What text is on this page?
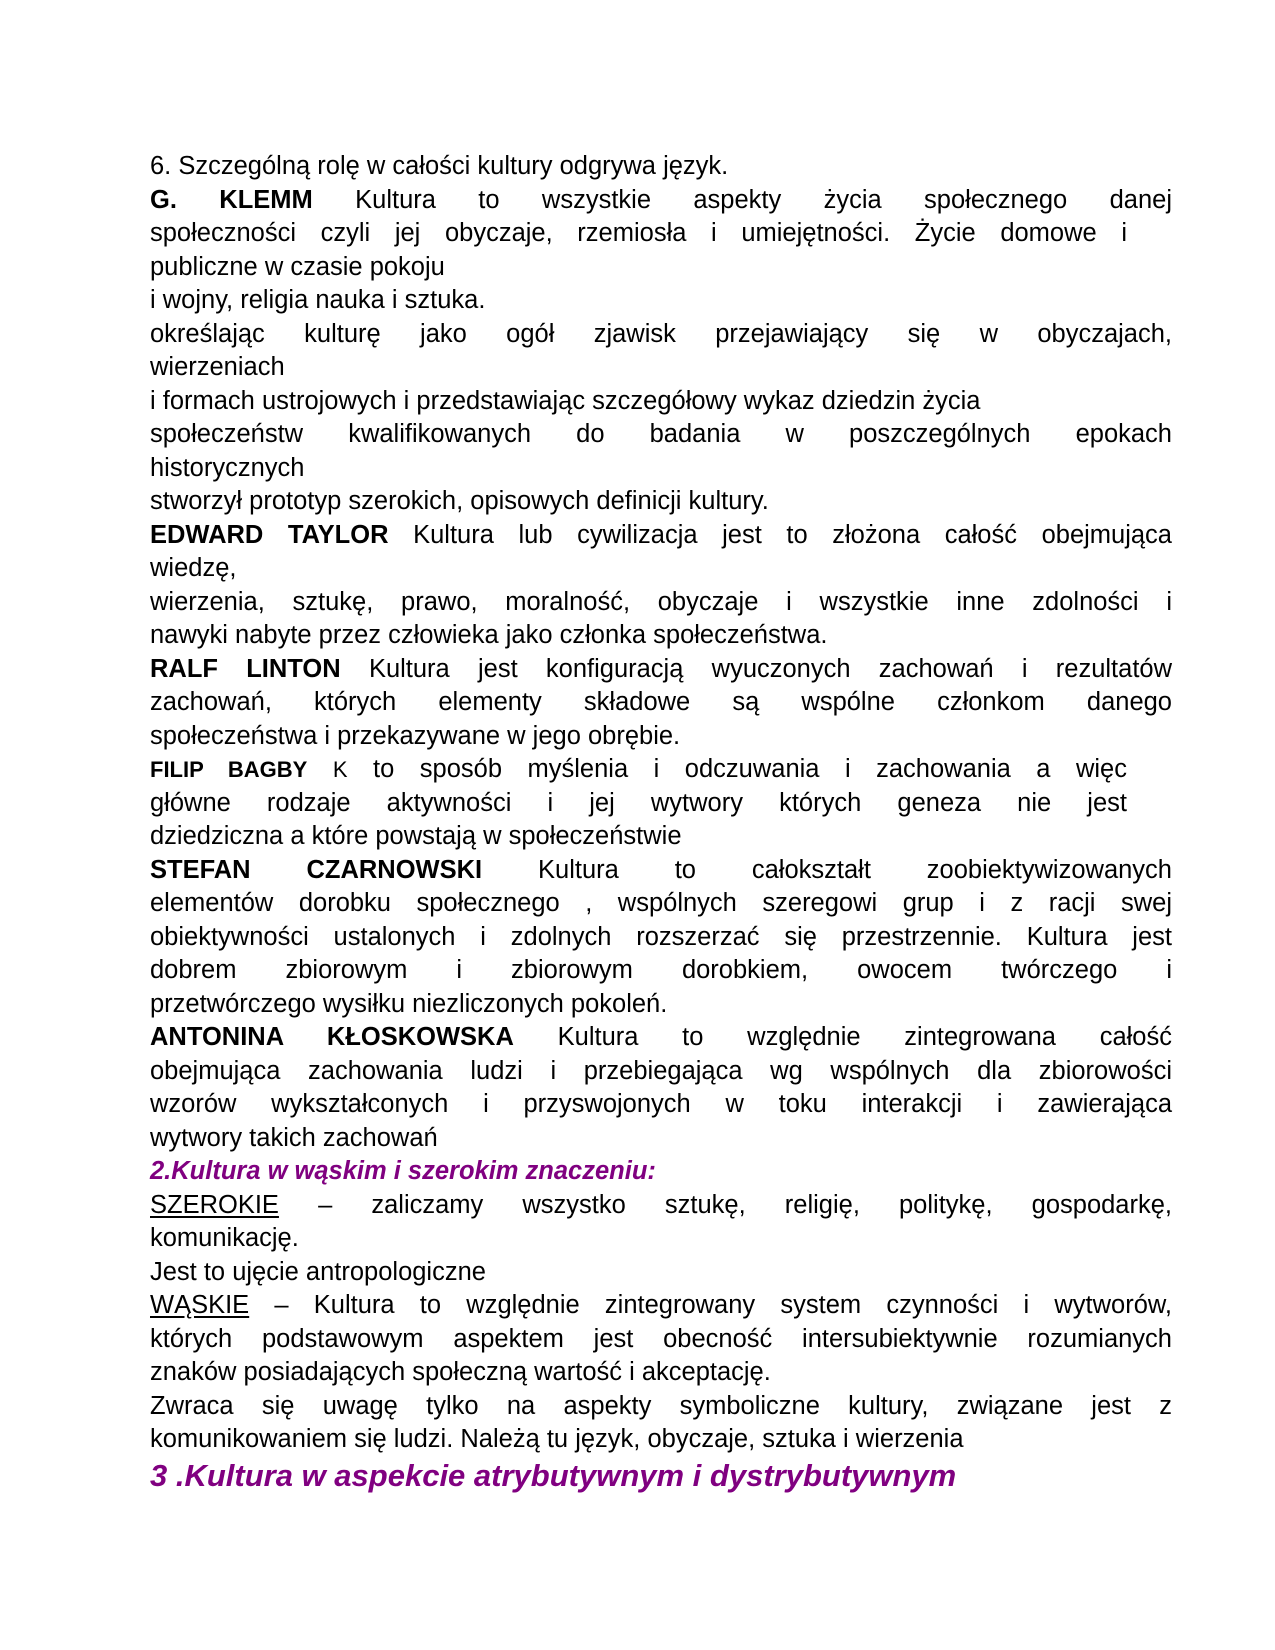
6. Szczególną rolę w całości kultury odgrywa język.
G. KLEMM Kultura to wszystkie aspekty życia społecznego danej
społeczności czyli jej obyczaje, rzemiosła i umiejętności. Życie domowe i
publiczne w czasie pokoju
i wojny, religia nauka i sztuka.
określając kulturę jako ogół zjawisk przejawiający się w obyczajach,
wierzeniach
i formach ustrojowych i przedstawiając szczegółowy wykaz dziedzin życia
społeczeństw kwalifikowanych do badania w poszczególnych epokach
historycznych
stworzył prototyp szerokich, opisowych definicji kultury.
EDWARD TAYLOR Kultura lub cywilizacja jest to złożona całość obejmująca
wiedzę,
wierzenia, sztukę, prawo, moralność, obyczaje i wszystkie inne zdolności i
nawyki nabyte przez człowieka jako członka społeczeństwa.
RALF LINTON Kultura jest konfiguracją wyuczonych zachowań i rezultatów
zachowań, których elementy składowe są wspólne członkom danego
społeczeństwa i przekazywane w jego obrębie.
FILIP BAGBY K to sposób myślenia i odczuwania i zachowania a więc
główne rodzaje aktywności i jej wytwory których geneza nie jest
dziedziczna a które powstają w społeczeństwie
STEFAN CZARNOWSKI Kultura to całokształt zoobiektywizowanych
elementów dorobku społecznego , wspólnych szeregowi grup i z racji swej
obiektywności ustalonych i zdolnych rozszerzać się przestrzennie. Kultura jest
dobrem zbiorowym i zbiorowym dorobkiem, owocem twórczego i
przetwórczego wysiłku niezliczonych pokoleń.
ANTONINA KŁOSKOWSKA Kultura to względnie zintegrowana całość
obejmująca zachowania ludzi i przebiegająca wg wspólnych dla zbiorowości
wzorów wykształconych i przyswojonych w toku interakcji i zawierająca
wytwory takich zachowań
2.Kultura w wąskim i szerokim znaczeniu:
SZEROKIE – zaliczamy wszystko sztukę, religię, politykę, gospodarkę,
komunikację.
Jest to ujęcie antropologiczne
WĄSKIE – Kultura to względnie zintegrowany system czynności i wytworów,
których podstawowym aspektem jest obecność intersubiektywnie rozumianych
znaków posiadających społeczną wartość i akceptację.
Zwraca się uwagę tylko na aspekty symboliczne kultury, związane jest z
komunikowaniem się ludzi. Należą tu język, obyczaje, sztuka i wierzenia
3 .Kultura w aspekcie atrybutywnym i dystrybutywnym
